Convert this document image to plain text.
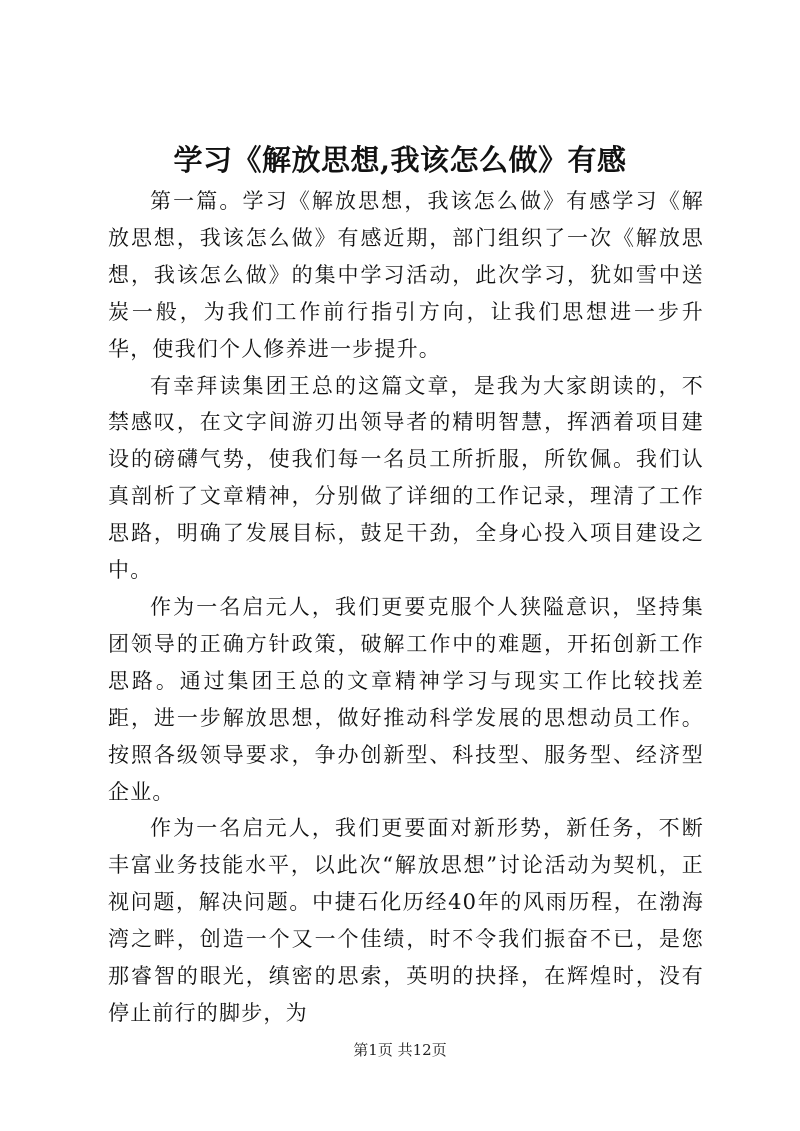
学习《解放思想,我该怎么做》有感

第一篇。学习《解放思想，我该怎么做》有感学习《解放思想，我该怎么做》有感近期，部门组织了一次《解放思想，我该怎么做》的集中学习活动，此次学习，犹如雪中送炭一般，为我们工作前行指引方向，让我们思想进一步升华，使我们个人修养进一步提升。

有幸拜读集团王总的这篇文章，是我为大家朗读的，不禁感叹，在文字间游刃出领导者的精明智慧，挥洒着项目建设的磅礴气势，使我们每一名员工所折服，所钦佩。我们认真剖析了文章精神，分别做了详细的工作记录，理清了工作思路，明确了发展目标，鼓足干劲，全身心投入项目建设之中。

作为一名启元人，我们更要克服个人狭隘意识，坚持集团领导的正确方针政策，破解工作中的难题，开拓创新工作思路。通过集团王总的文章精神学习与现实工作比较找差距，进一步解放思想，做好推动科学发展的思想动员工作。按照各级领导要求，争办创新型、科技型、服务型、经济型企业。

作为一名启元人，我们更要面对新形势，新任务，不断丰富业务技能水平，以此次“解放思想”讨论活动为契机，正视问题，解决问题。中捷石化历经40年的风雨历程，在渤海湾之畔，创造一个又一个佳绩，时不令我们振奋不已，是您那睿智的眼光，缜密的思索，英明的抉择，在辉煌时，没有停止前行的脚步，为

第1页 共12页
